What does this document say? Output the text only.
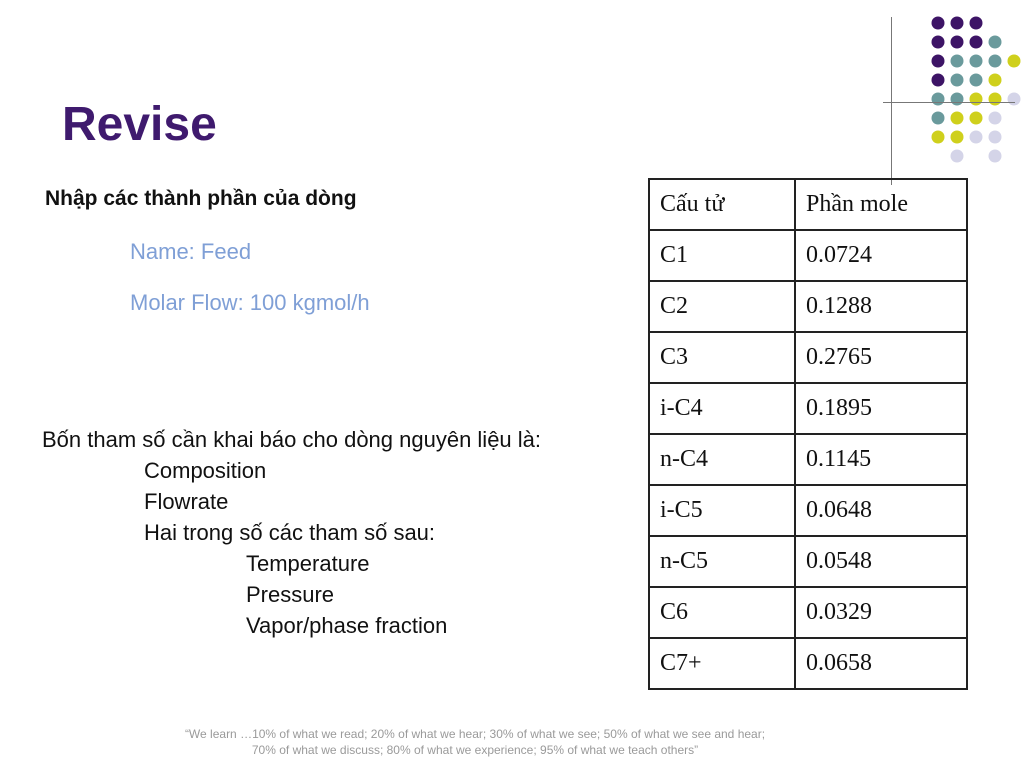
Revise
Nhập các thành phần của dòng
Name: Feed
Molar Flow: 100 kgmol/h
Bốn tham số cần khai báo cho dòng nguyên liệu là:
Composition
Flowrate
Hai trong số các tham số sau:
Temperature
Pressure
Vapor/phase fraction
Cấu tử	Phần mole
C1	0.0724
C2	0.1288
C3	0.2765
i-C4	0.1895
n-C4	0.1145
i-C5	0.0648
n-C5	0.0548
C6	0.0329
C7+	0.0658
“We learn …10% of what we read; 20% of what we hear; 30% of what we see; 50% of what we see and hear;
70% of what we discuss; 80% of what we experience; 95% of what we teach others”
